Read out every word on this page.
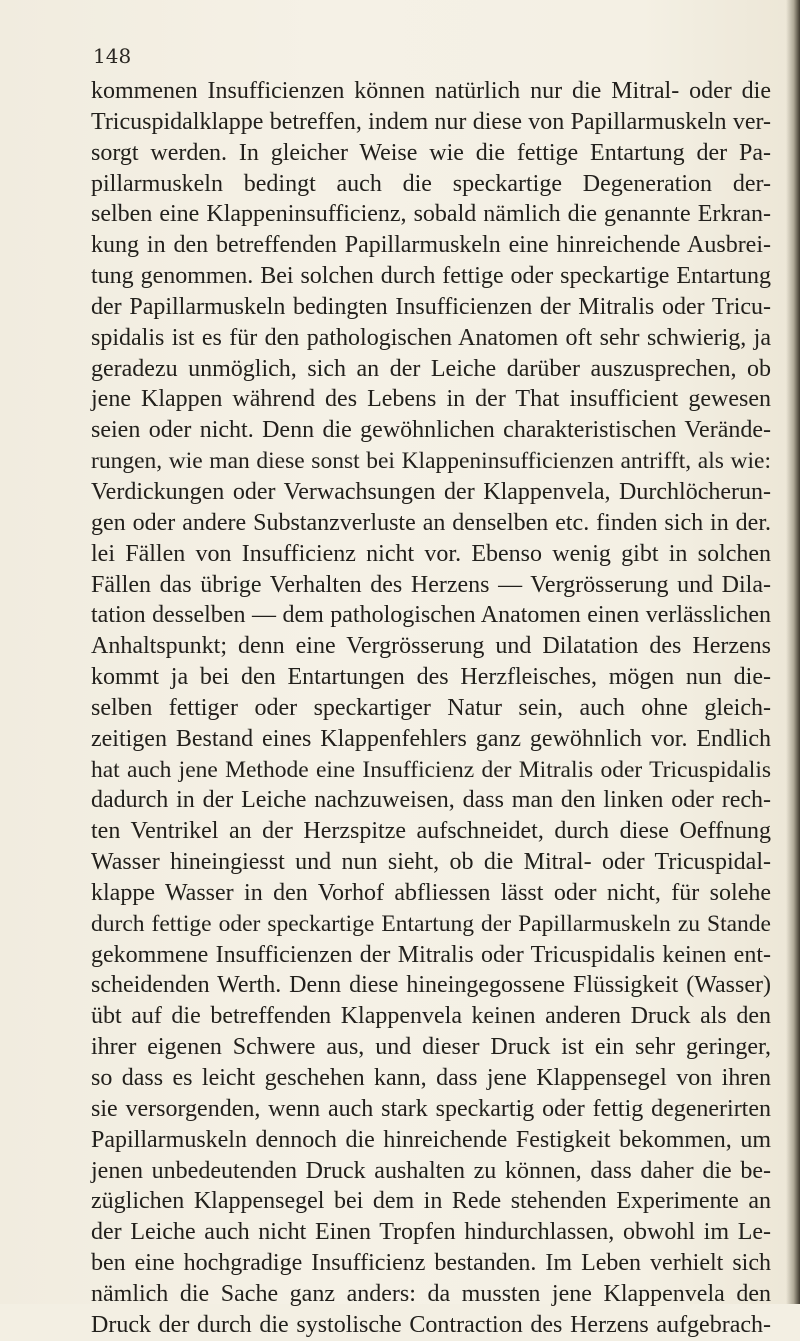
148

kommenen Insufficienzen können natürlich nur die Mitral- oder die
Tricuspidalklappe betreffen, indem nur diese von Papillarmuskeln ver-
sorgt werden. In gleicher Weise wie die fettige Entartung der Pa-
pillarmuskeln bedingt auch die speckartige Degeneration der-
selben eine Klappeninsufficienz, sobald nämlich die genannte Erkran-
kung in den betreffenden Papillarmuskeln eine hinreichende Ausbrei-
tung genommen. Bei solchen durch fettige oder speckartige Entartung
der Papillarmuskeln bedingten Insufficienzen der Mitralis oder Tricu-
spidalis ist es für den pathologischen Anatomen oft sehr schwierig, ja
geradezu unmöglich, sich an der Leiche darüber auszusprechen, ob
jene Klappen während des Lebens in der That insufficient gewesen
seien oder nicht. Denn die gewöhnlichen charakteristischen Verände-
rungen, wie man diese sonst bei Klappeninsufficienzen antrifft, als wie:
Verdickungen oder Verwachsungen der Klappenvela, Durchlöcherun-
gen oder andere Substanzverluste an denselben etc. finden sich in der.
lei Fällen von Insufficienz nicht vor. Ebenso wenig gibt in solchen
Fällen das übrige Verhalten des Herzens — Vergrösserung und Dila-
tation desselben — dem pathologischen Anatomen einen verlässlichen
Anhaltspunkt; denn eine Vergrösserung und Dilatation des Herzens
kommt ja bei den Entartungen des Herzfleisches, mögen nun die-
selben fettiger oder speckartiger Natur sein, auch ohne gleich-
zeitigen Bestand eines Klappenfehlers ganz gewöhnlich vor. Endlich
hat auch jene Methode eine Insufficienz der Mitralis oder Tricuspidalis
dadurch in der Leiche nachzuweisen, dass man den linken oder rech-
ten Ventrikel an der Herzspitze aufschneidet, durch diese Oeffnung
Wasser hineingiesst und nun sieht, ob die Mitral- oder Tricuspidal-
klappe Wasser in den Vorhof abfliessen lässt oder nicht, für solehe
durch fettige oder speckartige Entartung der Papillarmuskeln zu Stande
gekommene Insufficienzen der Mitralis oder Tricuspidalis keinen ent-
scheidenden Werth. Denn diese hineingegossene Flüssigkeit (Wasser)
übt auf die betreffenden Klappenvela keinen anderen Druck als den
ihrer eigenen Schwere aus, und dieser Druck ist ein sehr geringer,
so dass es leicht geschehen kann, dass jene Klappensegel von ihren
sie versorgenden, wenn auch stark speckartig oder fettig degenerirten
Papillarmuskeln dennoch die hinreichende Festigkeit bekommen, um
jenen unbedeutenden Druck aushalten zu können, dass daher die be-
züglichen Klappensegel bei dem in Rede stehenden Experimente an
der Leiche auch nicht Einen Tropfen hindurchlassen, obwohl im Le-
ben eine hochgradige Insufficienz bestanden. Im Leben verhielt sich
nämlich die Sache ganz anders: da mussten jene Klappenvela den
Druck der durch die systolische Contraction des Herzens aufgebrach-
